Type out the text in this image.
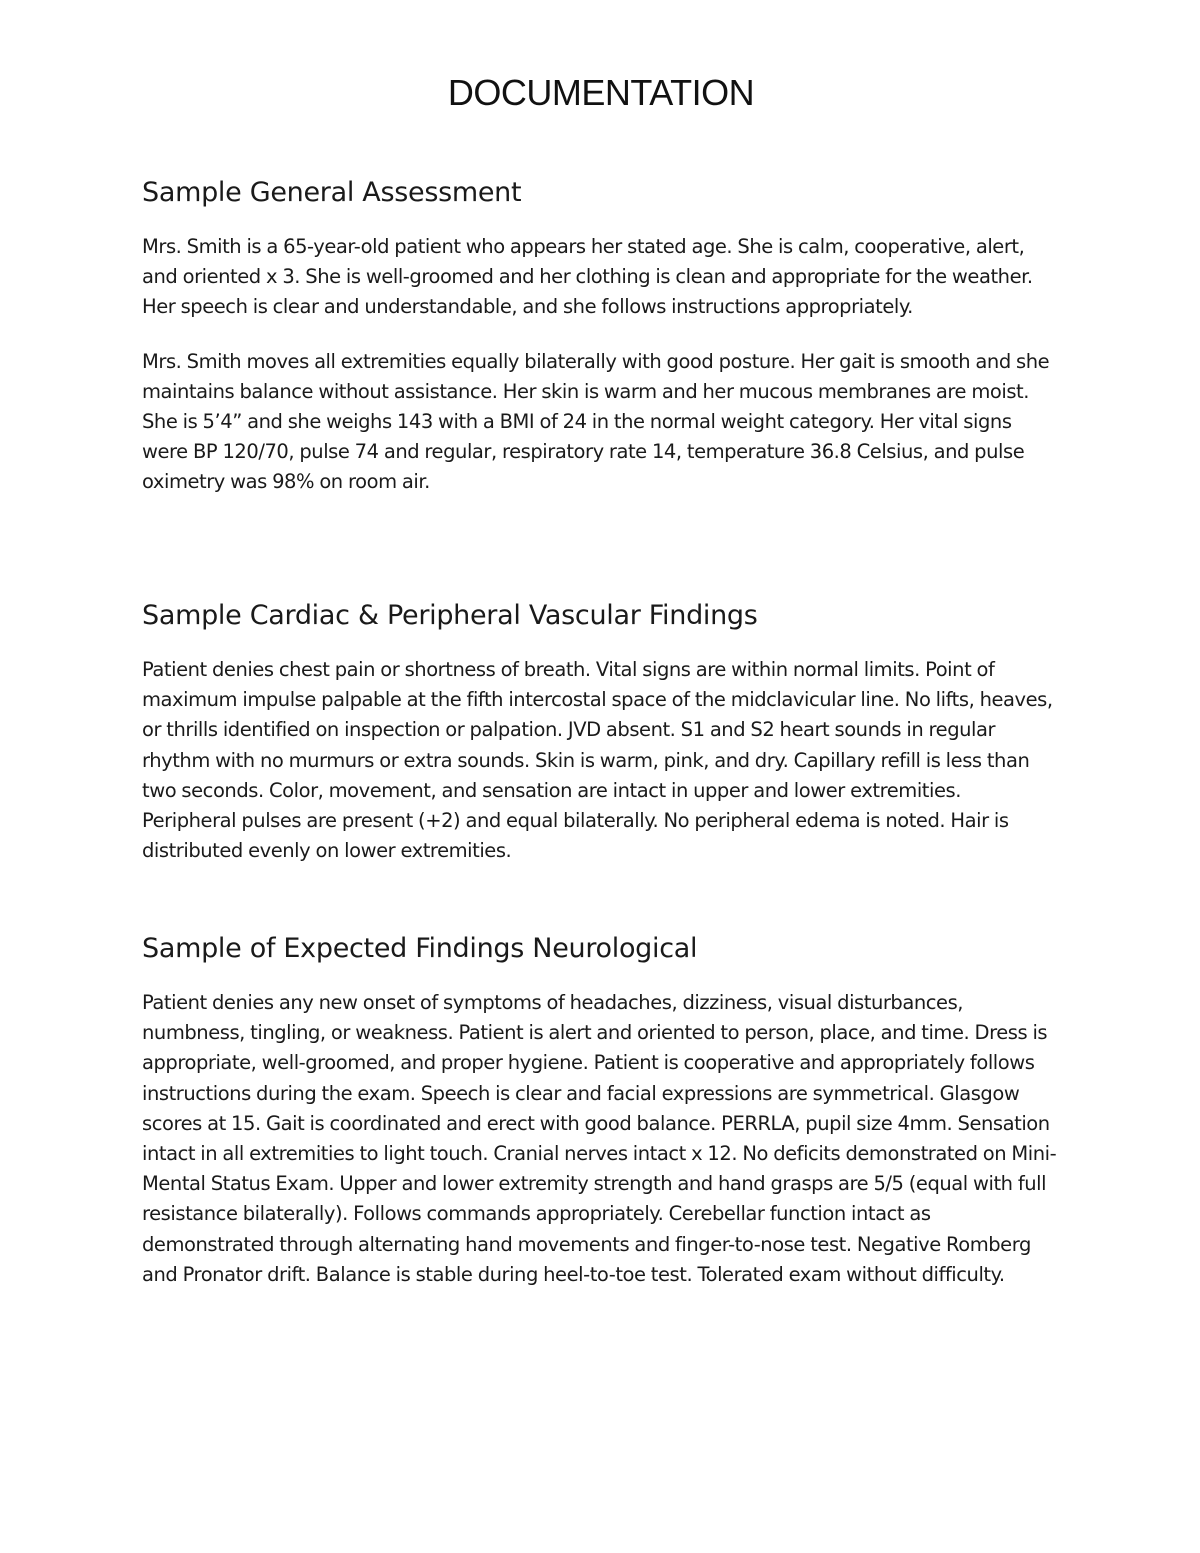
DOCUMENTATION
Sample General Assessment

Mrs. Smith is a 65-year-old patient who appears her stated age. She is calm, cooperative, alert, and oriented x 3. She is well-groomed and her clothing is clean and appropriate for the weather. Her speech is clear and understandable, and she follows instructions appropriately.

Mrs. Smith moves all extremities equally bilaterally with good posture. Her gait is smooth and she maintains balance without assistance. Her skin is warm and her mucous membranes are moist. She is 5’4” and she weighs 143 with a BMI of 24 in the normal weight category. Her vital signs were BP 120/70, pulse 74 and regular, respiratory rate 14, temperature 36.8 Celsius, and pulse oximetry was 98% on room air.

Sample Cardiac & Peripheral Vascular Findings

Patient denies chest pain or shortness of breath. Vital signs are within normal limits. Point of maximum impulse palpable at the fifth intercostal space of the midclavicular line. No lifts, heaves, or thrills identified on inspection or palpation. JVD absent. S1 and S2 heart sounds in regular rhythm with no murmurs or extra sounds. Skin is warm, pink, and dry. Capillary refill is less than two seconds. Color, movement, and sensation are intact in upper and lower extremities. Peripheral pulses are present (+2) and equal bilaterally. No peripheral edema is noted. Hair is distributed evenly on lower extremities.

Sample of Expected Findings Neurological

Patient denies any new onset of symptoms of headaches, dizziness, visual disturbances, numbness, tingling, or weakness. Patient is alert and oriented to person, place, and time. Dress is appropriate, well-groomed, and proper hygiene. Patient is cooperative and appropriately follows instructions during the exam. Speech is clear and facial expressions are symmetrical. Glasgow scores at 15. Gait is coordinated and erect with good balance. PERRLA, pupil size 4mm. Sensation intact in all extremities to light touch. Cranial nerves intact x 12. No deficits demonstrated on Mini-Mental Status Exam. Upper and lower extremity strength and hand grasps are 5/5 (equal with full resistance bilaterally). Follows commands appropriately. Cerebellar function intact as demonstrated through alternating hand movements and finger-to-nose test. Negative Romberg and Pronator drift. Balance is stable during heel-to-toe test. Tolerated exam without difficulty.
